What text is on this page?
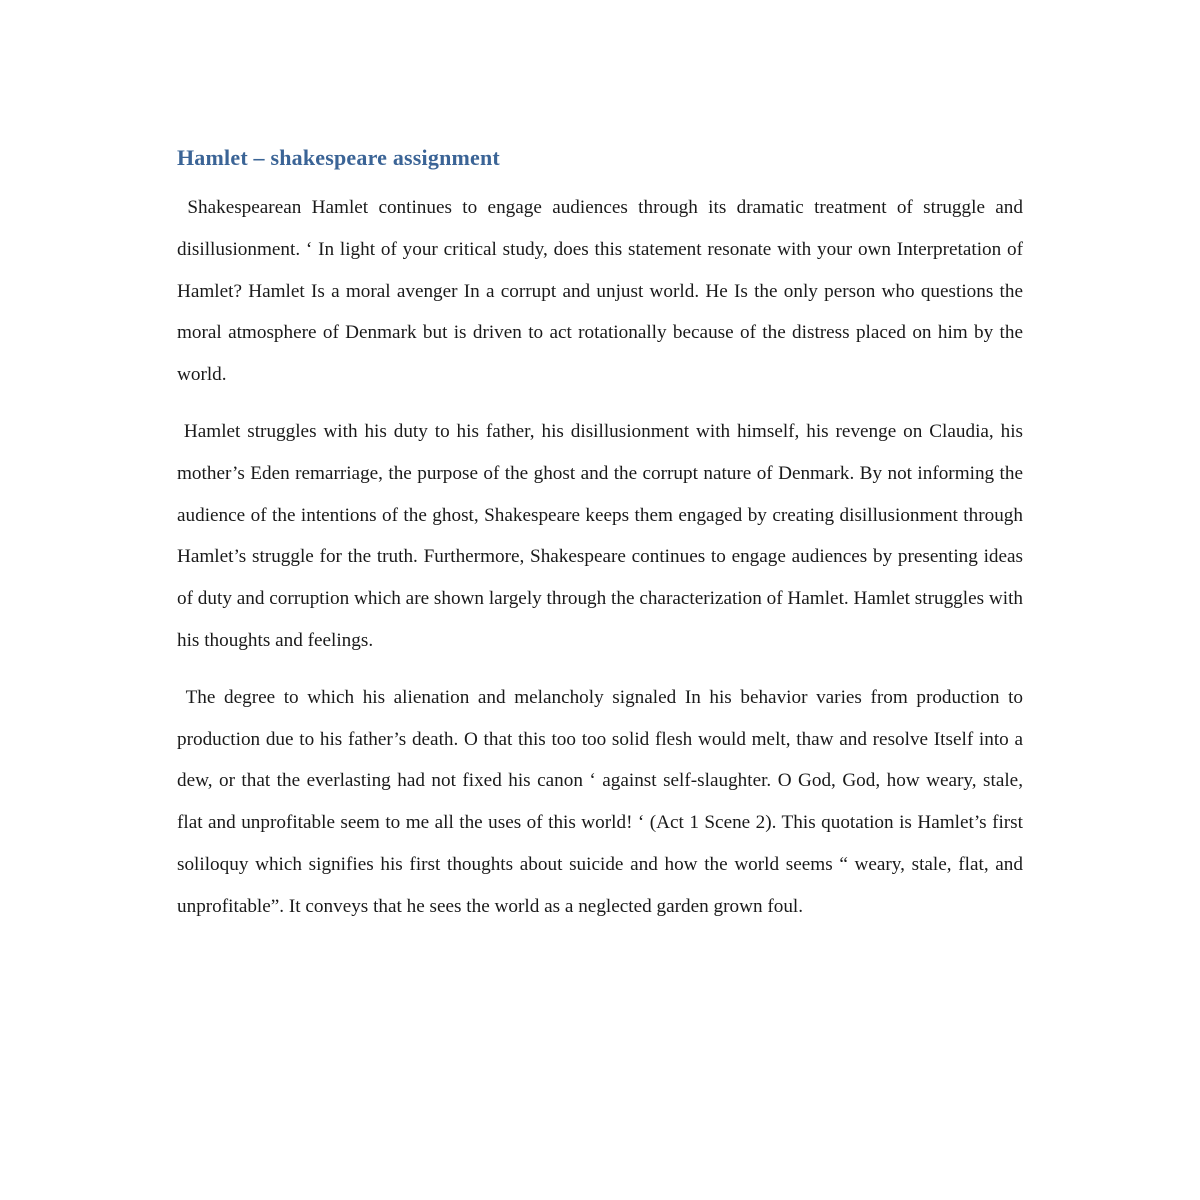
Hamlet – shakespeare assignment

Shakespearean Hamlet continues to engage audiences through its dramatic treatment of struggle and disillusionment. ‘ In light of your critical study, does this statement resonate with your own Interpretation of Hamlet? Hamlet Is a moral avenger In a corrupt and unjust world. He Is the only person who questions the moral atmosphere of Denmark but is driven to act rotationally because of the distress placed on him by the world.

Hamlet struggles with his duty to his father, his disillusionment with himself, his revenge on Claudia, his mother’s Eden remarriage, the purpose of the ghost and the corrupt nature of Denmark. By not informing the audience of the intentions of the ghost, Shakespeare keeps them engaged by creating disillusionment through Hamlet’s struggle for the truth. Furthermore, Shakespeare continues to engage audiences by presenting ideas of duty and corruption which are shown largely through the characterization of Hamlet. Hamlet struggles with his thoughts and feelings.

The degree to which his alienation and melancholy signaled In his behavior varies from production to production due to his father’s death. O that this too too solid flesh would melt, thaw and resolve Itself into a dew, or that the everlasting had not fixed his canon ‘ against self-slaughter. O God, God, how weary, stale, flat and unprofitable seem to me all the uses of this world! ‘ (Act 1 Scene 2). This quotation is Hamlet’s first soliloquy which signifies his first thoughts about suicide and how the world seems “ weary, stale, flat, and unprofitable”. It conveys that he sees the world as a neglected garden grown foul.
